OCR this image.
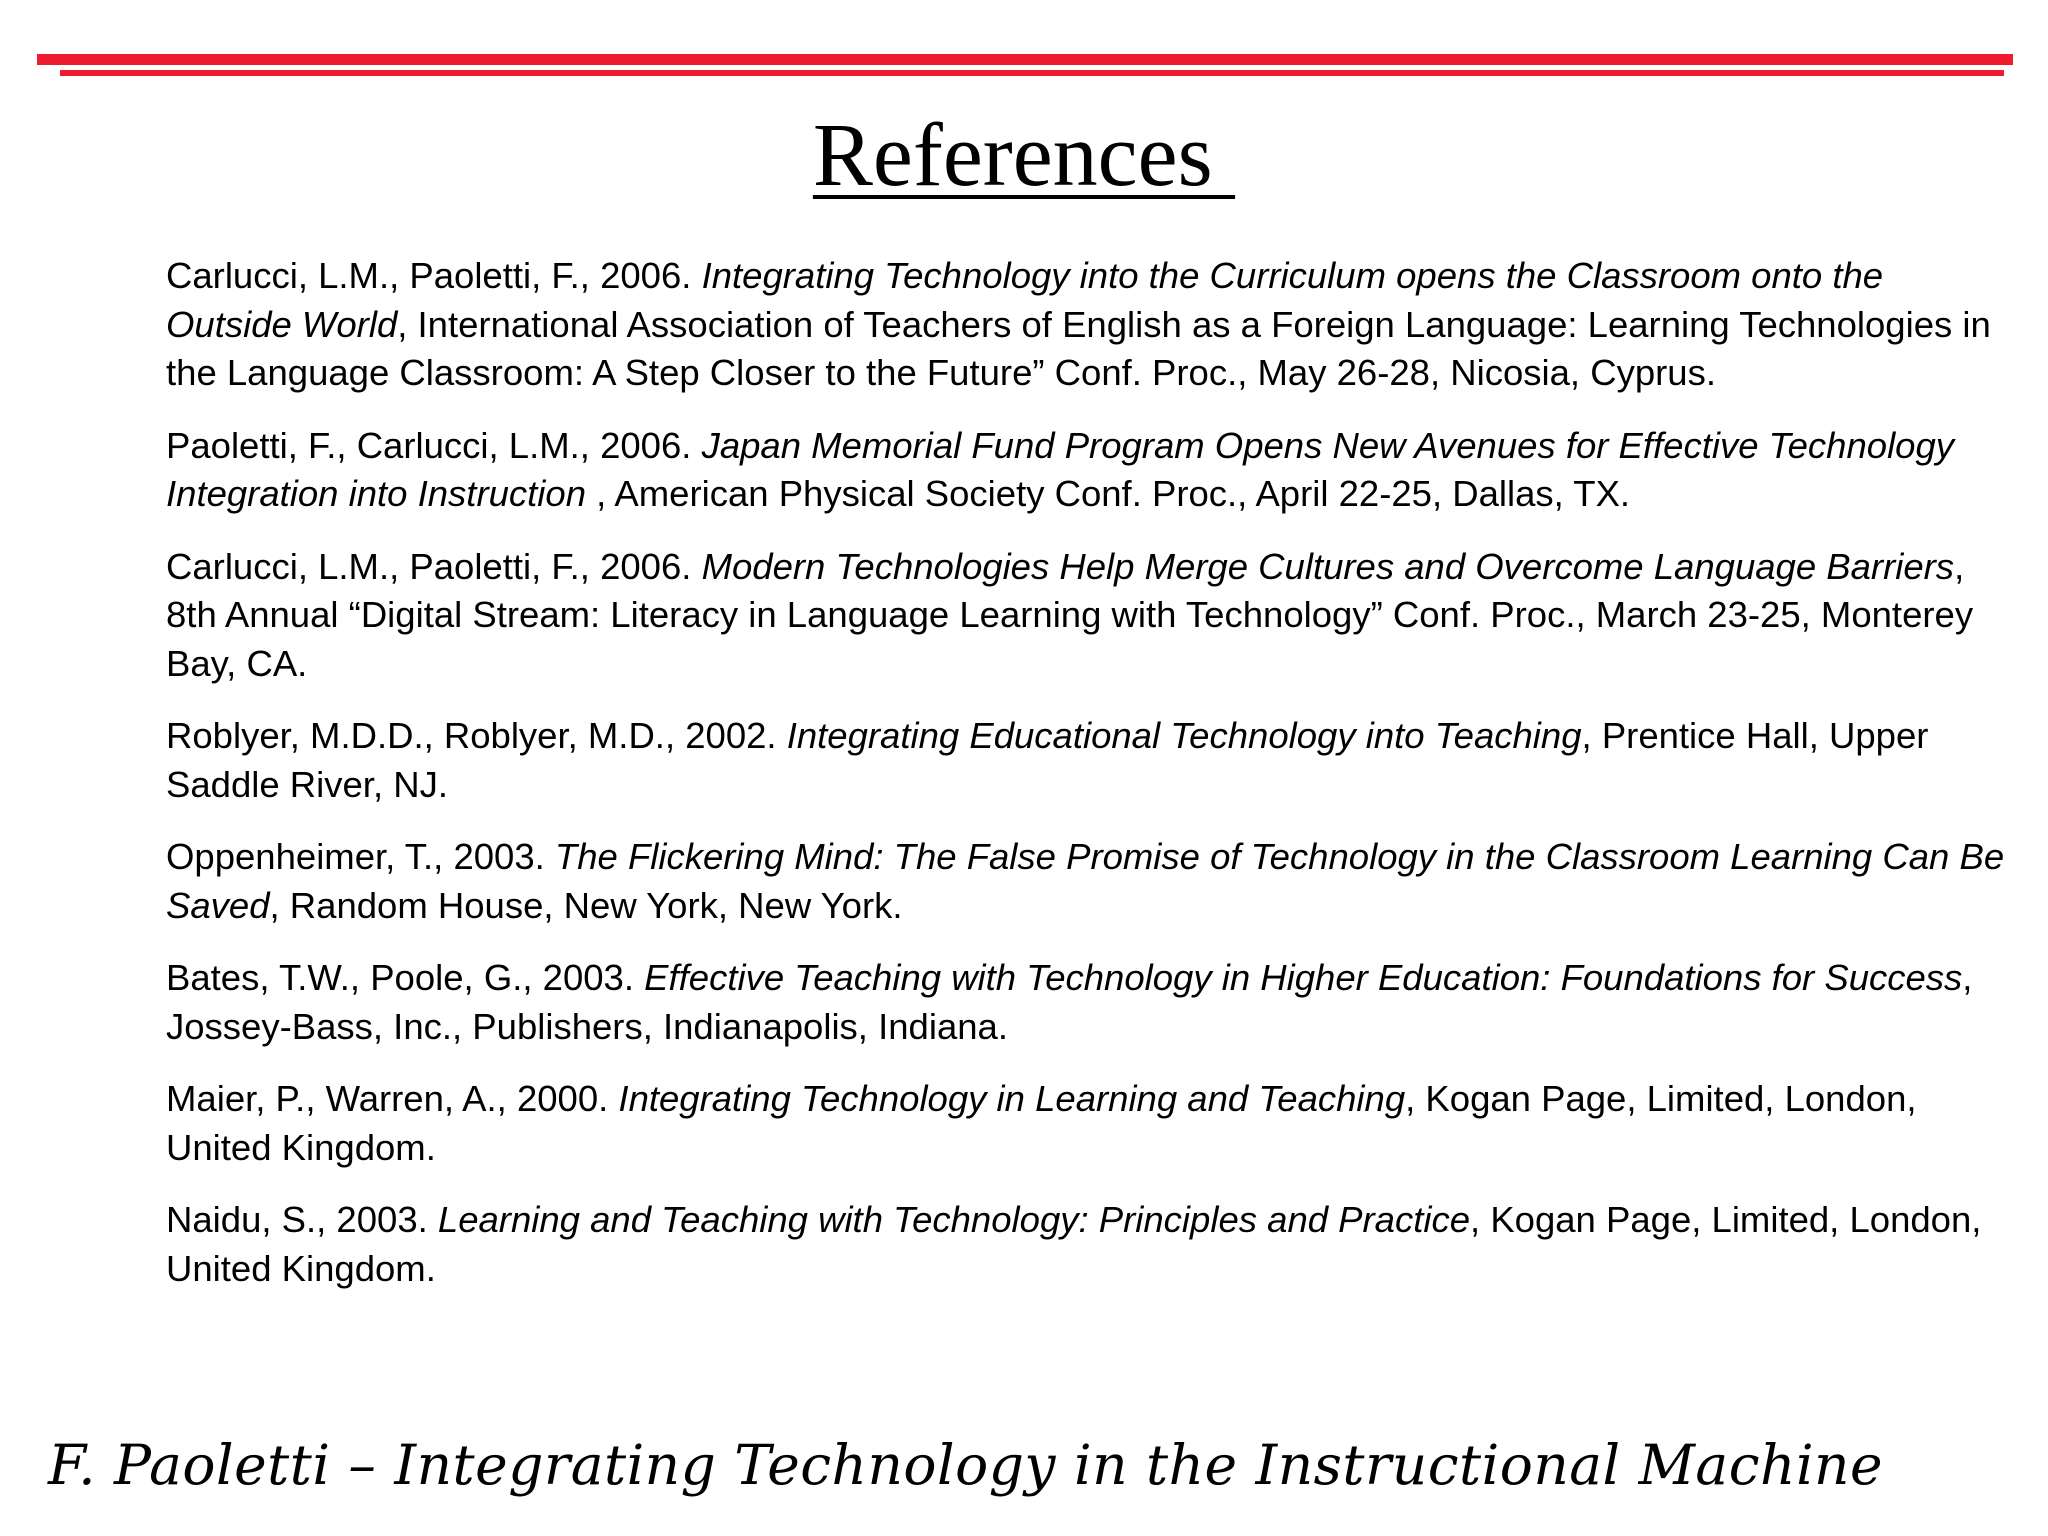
References
Carlucci, L.M., Paoletti, F., 2006. Integrating Technology into the Curriculum opens the Classroom onto the Outside World, International Association of Teachers of English as a Foreign Language: Learning Technologies in the Language Classroom: A Step Closer to the Future” Conf. Proc., May 26-28, Nicosia, Cyprus.
Paoletti, F., Carlucci, L.M., 2006. Japan Memorial Fund Program Opens New Avenues for Effective Technology Integration into Instruction , American Physical Society Conf. Proc., April 22-25, Dallas, TX.
Carlucci, L.M., Paoletti, F., 2006. Modern Technologies Help Merge Cultures and Overcome Language Barriers, 8th Annual “Digital Stream: Literacy in Language Learning with Technology” Conf. Proc., March 23-25, Monterey Bay, CA.
Roblyer, M.D.D., Roblyer, M.D., 2002. Integrating Educational Technology into Teaching, Prentice Hall, Upper Saddle River, NJ.
Oppenheimer, T., 2003. The Flickering Mind: The False Promise of Technology in the Classroom Learning Can Be Saved, Random House, New York, New York.
Bates, T.W., Poole, G., 2003. Effective Teaching with Technology in Higher Education: Foundations for Success, Jossey-Bass, Inc., Publishers, Indianapolis, Indiana.
Maier, P., Warren, A., 2000. Integrating Technology in Learning and Teaching, Kogan Page, Limited, London, United Kingdom.
Naidu, S., 2003. Learning and Teaching with Technology: Principles and Practice, Kogan Page, Limited, London, United Kingdom.
F. Paoletti – Integrating Technology in the Instructional Machine
